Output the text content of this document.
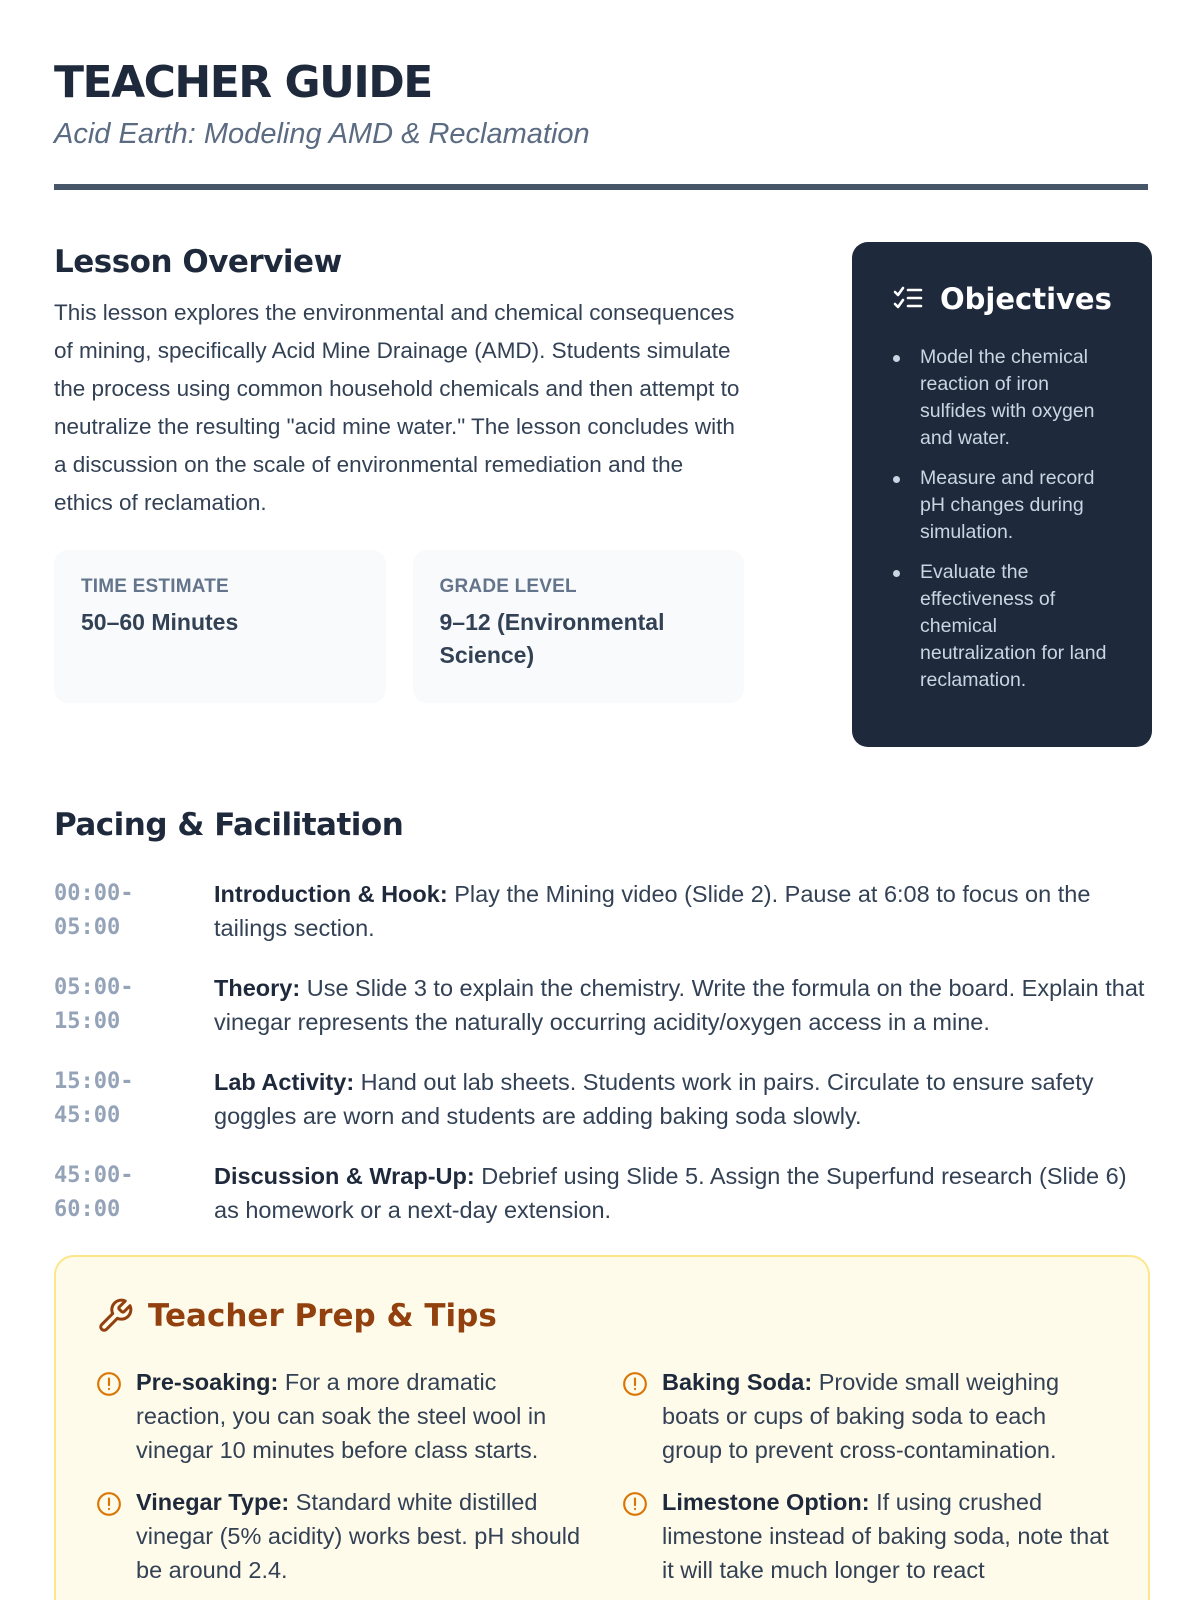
TEACHER GUIDE
Acid Earth: Modeling AMD & Reclamation
Lesson Overview

This lesson explores the environmental and chemical consequences of mining, specifically Acid Mine Drainage (AMD). Students simulate the process using common household chemicals and then attempt to neutralize the resulting "acid mine water." The lesson concludes with a discussion on the scale of environmental remediation and the ethics of reclamation.

TIME ESTIMATE
50–60 Minutes
GRADE LEVEL
9–12 (Environmental Science)
Objectives
Model the chemical reaction of iron sulfides with oxygen and water.
Measure and record pH changes during simulation.
Evaluate the effectiveness of chemical neutralization for land reclamation.
Pacing & Facilitation
00:00-
05:00
Introduction & Hook: Play the Mining video (Slide 2). Pause at 6:08 to focus on the tailings section.
05:00-
15:00
Theory: Use Slide 3 to explain the chemistry. Write the formula on the board. Explain that vinegar represents the naturally occurring acidity/oxygen access in a mine.
15:00-
45:00
Lab Activity: Hand out lab sheets. Students work in pairs. Circulate to ensure safety goggles are worn and students are adding baking soda slowly.
45:00-
60:00
Discussion & Wrap-Up: Debrief using Slide 5. Assign the Superfund research (Slide 6) as homework or a next-day extension.
Teacher Prep & Tips
Pre-soaking: For a more dramatic reaction, you can soak the steel wool in vinegar 10 minutes before class starts.
Baking Soda: Provide small weighing boats or cups of baking soda to each group to prevent cross-contamination.
Vinegar Type: Standard white distilled vinegar (5% acidity) works best. pH should be around 2.4.
Limestone Option: If using crushed limestone instead of baking soda, note that it will take much longer to react
